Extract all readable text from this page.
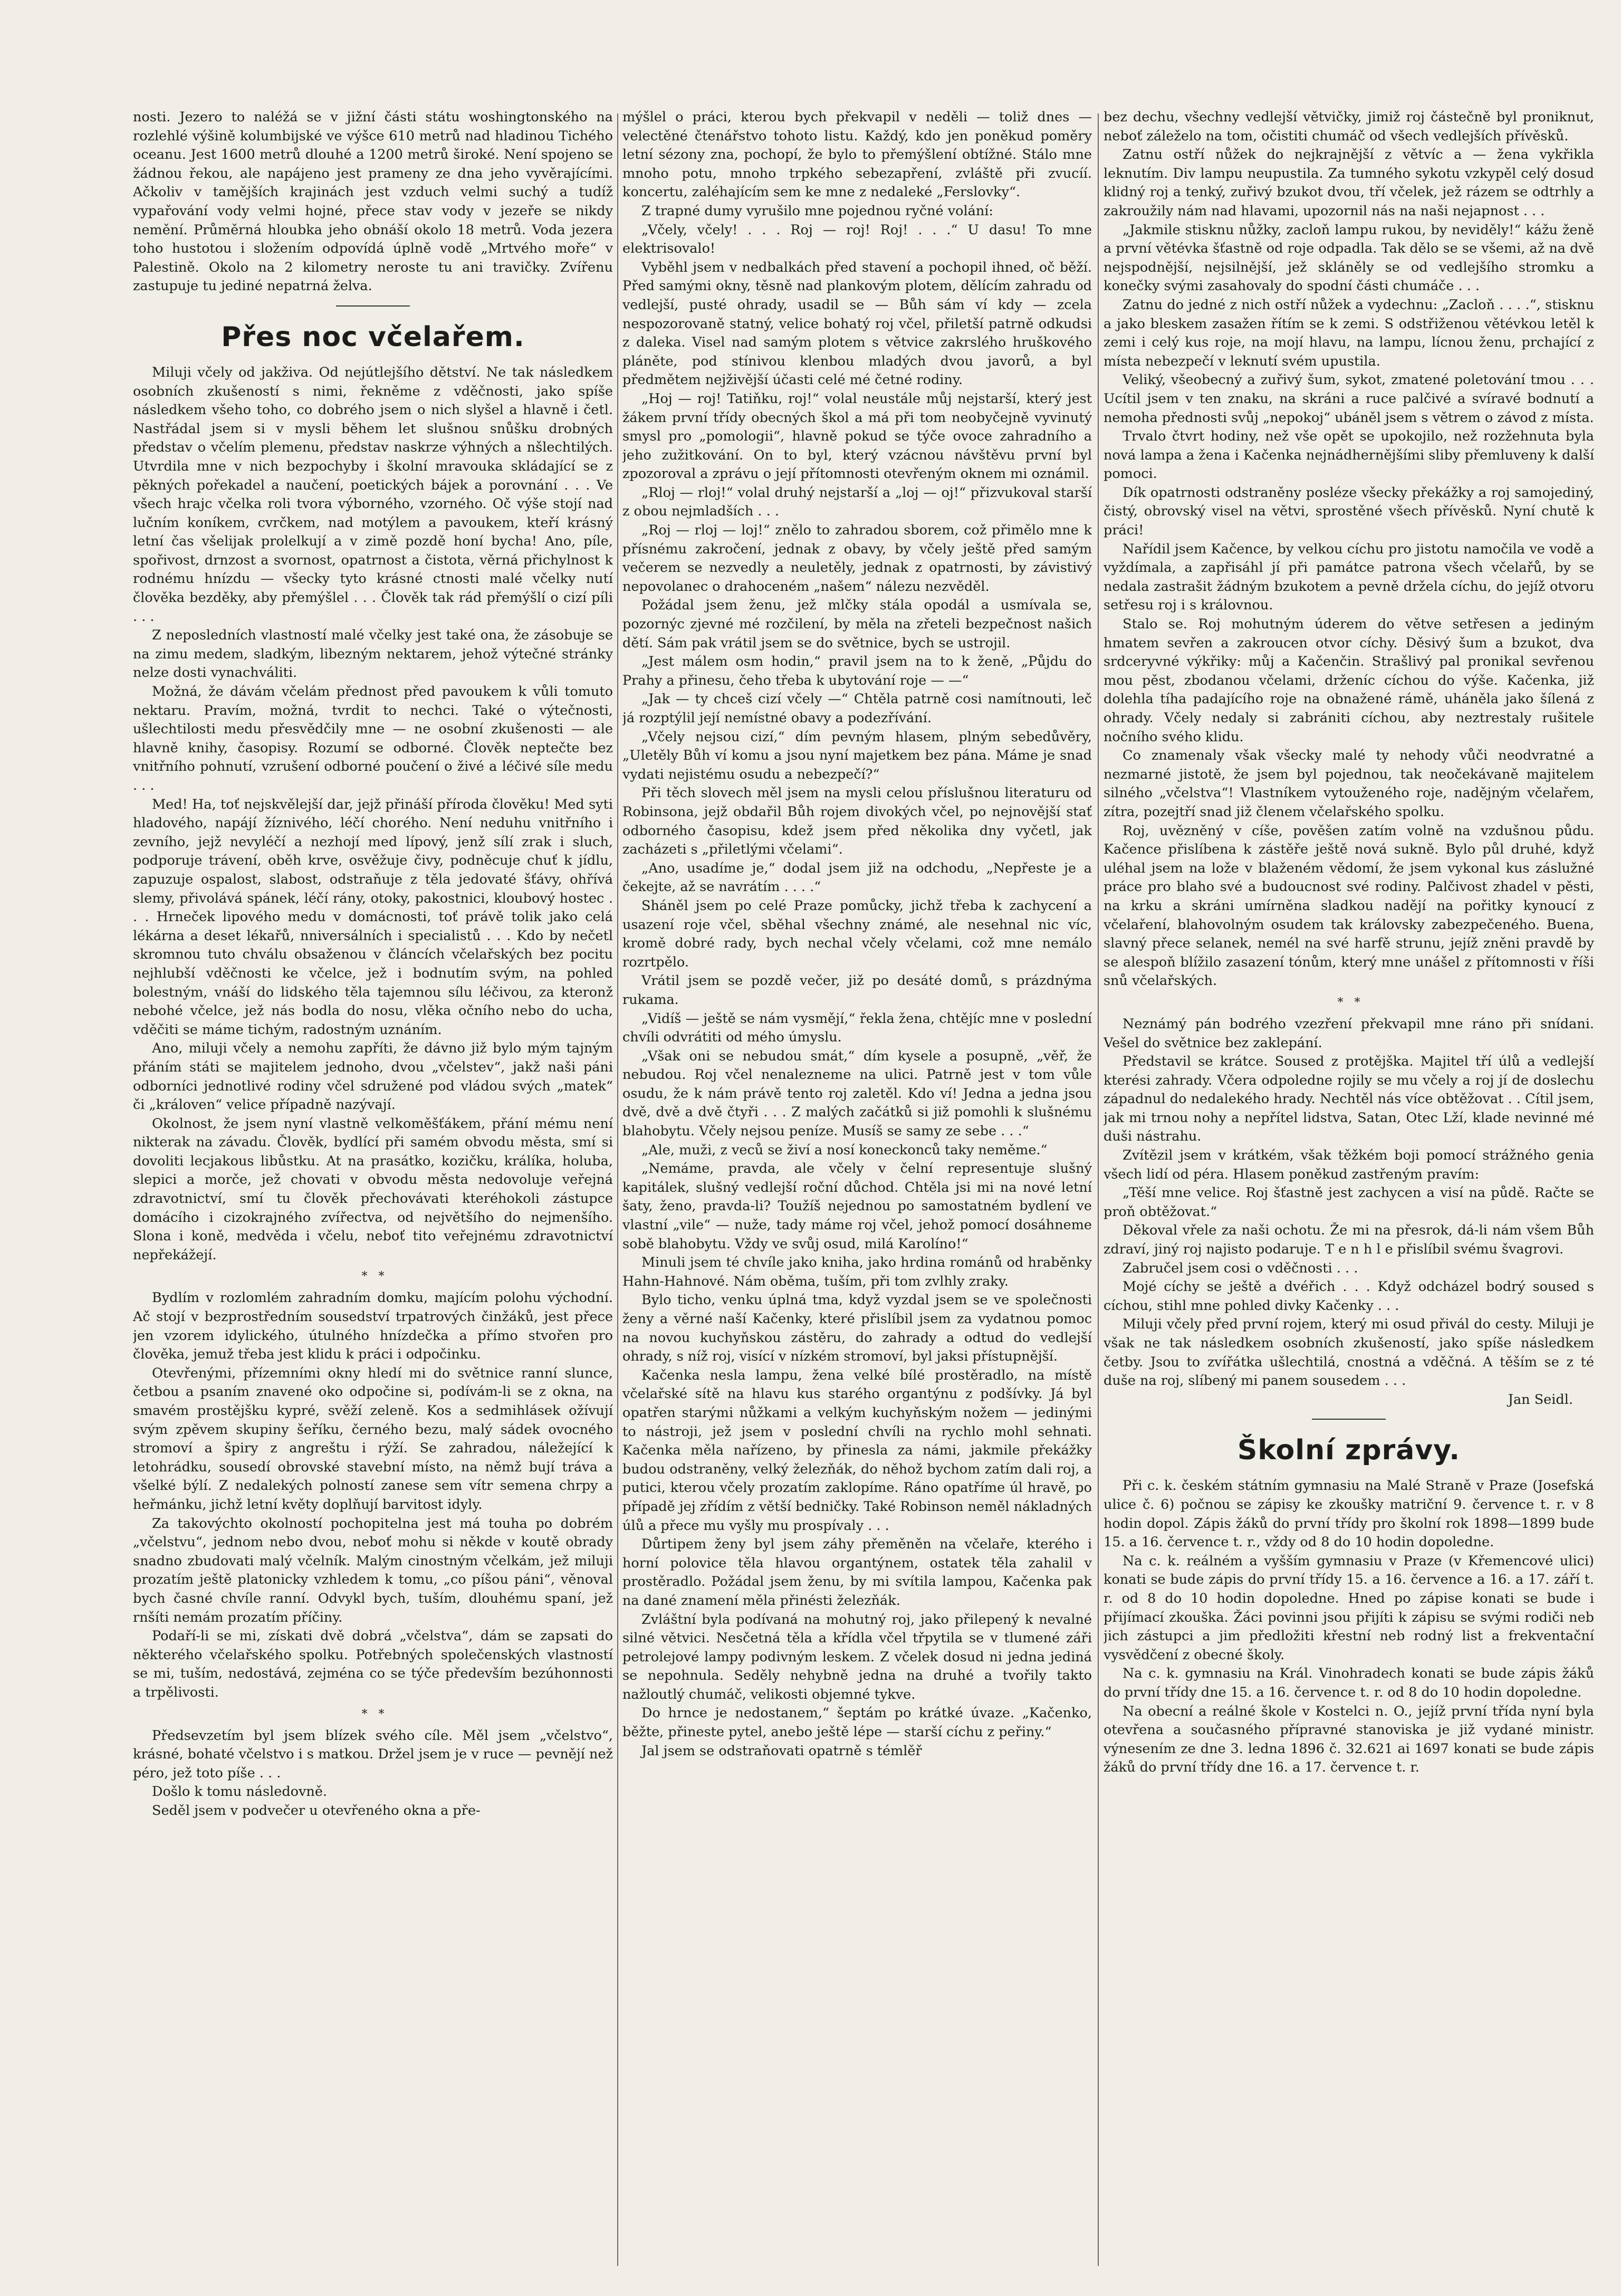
nosti. Jezero to naléžá se v jižní části státu woshingtonského na rozlehlé výšině kolumbijské ve výšce 610 metrů nad hladinou Tichého oceanu. Jest 1600 metrů dlouhé a 1200 metrů široké. Není spojeno se žádnou řekou, ale napájeno jest prameny ze dna jeho vyvěrajícími. Ačkoliv v tamějších krajinách jest vzduch velmi suchý a tudíž vypařování vody velmi hojné, přece stav vody v jezeře se nikdy nemění. Průměrná hloubka jeho obnáší okolo 18 metrů. Voda jezera toho hustotou i složením odpovídá úplně vodě „Mrtvého moře“ v Palestině. Okolo na 2 kilometry neroste tu ani travičky. Zvířenu zastupuje tu jediné nepatrná želva.

Přes noc včelařem.

Miluji včely od jakživa. Od nejútlejšího dětství. Ne tak následkem osobních zkušeností s nimi, řekněme z vděčnosti, jako spíše následkem všeho toho, co dobrého jsem o nich slyšel a hlavně i četl. Nastřádal jsem si v mysli během let slušnou snůšku drobných představ o včelím plemenu, představ naskrze výhných a nšlechtilých. Utvrdila mne v nich bezpochyby i školní mravouka skládající se z pěkných pořekadel a naučení, poetických bájek a porovnání . . . Ve všech hrajc včelka roli tvora výborného, vzorného. Oč výše stojí nad lučním koníkem, cvrčkem, nad motýlem a pavoukem, kteří krásný letní čas všelijak prolelkují a v zimě pozdě honí bycha! Ano, píle, spořivost, drnzost a svornost, opatrnost a čistota, věrná přichylnost k rodnému hnízdu — všecky tyto krásné ctnosti malé včelky nutí člověka bezděky, aby přemýšlel . . . Člověk tak rád přemýšlí o cizí píli . . .

Z neposledních vlastností malé včelky jest také ona, že zásobuje se na zimu medem, sladkým, libezným nektarem, jehož výtečné stránky nelze dosti vynachváliti.

Možná, že dávám včelám přednost před pavoukem k vůli tomuto nektaru. Pravím, možná, tvrdit to nechci. Také o výtečnosti, ušlechtilosti medu přesvědčily mne — ne osobní zkušenosti — ale hlavně knihy, časopisy. Rozumí se odborné. Člověk neptečte bez vnitřního pohnutí, vzrušení odborné poučení o živé a léčivé síle medu . . .

Med! Ha, toť nejskvělejší dar, jejž přináší příroda člověku! Med syti hladového, napájí žíznivého, léčí chorého. Není neduhu vnitřního i zevního, jejž nevyléčí a nezhojí med lípový, jenž sílí zrak i sluch, podporuje trávení, oběh krve, osvěžuje čivy, podněcuje chuť k jídlu, zapuzuje ospalost, slabost, odstraňuje z těla jedovaté šťávy, ohřívá slemy, přivolává spánek, léčí rány, otoky, pakostnici, kloubový hostec . . . Hrneček lipového medu v domácnosti, toť právě tolik jako celá lékárna a deset lékařů, nniversálních i specialistů . . . Kdo by nečetl skromnou tuto chválu obsaženou v článcích včelařských bez pocitu nejhlubší vděčnosti ke včelce, jež i bodnutím svým, na pohled bolestným, vnáší do lidského těla tajemnou sílu léčivou, za kteronž nebohé včelce, jež nás bodla do nosu, vlěka očního nebo do ucha, vděčiti se máme tichým, radostným uznáním.

Ano, miluji včely a nemohu zapříti, že dávno již bylo mým tajným přáním státi se majitelem jednoho, dvou „včelstev“, jakž naši páni odborníci jednotlivé rodiny včel sdružené pod vládou svých „matek“ či „královen“ velice případně nazývají.

Okolnost, že jsem nyní vlastně velkoměšťákem, přání mému není nikterak na závadu. Člověk, bydlící při samém obvodu města, smí si dovoliti lecjakous libůstku. At na prasátko, kozičku, králíka, holuba, slepici a morče, jež chovati v obvodu města nedovoluje veřejná zdravotnictví, smí tu člověk přechovávati kteréhokoli zástupce domácího i cizokrajného zvířectva, od největšího do nejmenšího. Slona i koně, medvěda i včelu, neboť tito veřejnému zdravotnictví nepřekážejí.

*   *

Bydlím v rozlomlém zahradním domku, majícím polohu východní. Ač stojí v bezprostředním sousedství trpatrových činžáků, jest přece jen vzorem idylického, útulného hnízdečka a přímo stvořen pro člověka, jemuž třeba jest klidu k práci i odpočinku.

Otevřenými, přízemními okny hledí mi do světnice ranní slunce, četbou a psaním znavené oko odpočine si, podívám-li se z okna, na smavém prostějšku kypré, svěží zeleně. Kos a sedmihlásek ožívují svým zpěvem skupiny šeříku, černého bezu, malý sádek ovocného stromoví a špiry z angreštu i rýží. Se zahradou, náležející k letohrádku, sousedí obrovské stavební místo, na němž bují tráva a všelké býlí. Z nedalekých polností zanese sem vítr semena chrpy a heřmánku, jichž letní květy doplňují barvitost idyly.

Za takovýchto okolností pochopitelna jest má touha po dobrém „včelstvu“, jednom nebo dvou, neboť mohu si někde v koutě obrady snadno zbudovati malý včelník. Malým cinostným včelkám, jež miluji prozatím ještě platonicky vzhledem k tomu, „co píšou páni“, věnoval bych časné chvíle ranní. Odvykl bych, tuším, dlouhému spaní, jež rnšíti nemám prozatím příčiny.

Podaří-li se mi, získati dvě dobrá „včelstva“, dám se zapsati do některého včelařského spolku. Potřebných společenských vlastností se mi, tuším, nedostává, zejména co se týče především bezúhonnosti a trpělivosti.

*   *

Předsevzetím byl jsem blízek svého cíle. Měl jsem „včelstvo“, krásné, bohaté včelstvo i s matkou. Držel jsem je v ruce — pevnějí než péro, jež toto píše . . .

Došlo k tomu následovně.

Seděl jsem v podvečer u otevřeného okna a pře-

mýšlel o práci, kterou bych překvapil v neděli — toliž dnes — velectěné čtenářstvo tohoto listu. Každý, kdo jen poněkud poměry letní sézony zna, pochopí, že bylo to přemýšlení obtížné. Stálo mne mnoho potu, mnoho trpkého sebezapření, zvláště při zvucíí. koncertu, zaléhajícím sem ke mne z nedaleké „Ferslovky“.

Z trapné dumy vyrušilo mne pojednou ryčné volání:

„Včely, včely! . . . Roj — roj! Roj! . . .“ U dasu! To mne elektrisovalo!

Vyběhl jsem v nedbalkách před stavení a pochopil ihned, oč běží. Před samými okny, těsně nad plankovým plotem, dělícím zahradu od vedlejší, pusté ohrady, usadil se — Bůh sám ví kdy — zcela nespozorovaně statný, velice bohatý roj včel, přiletší patrně odkudsi z daleka. Visel nad samým plotem s větvice zakrslého hruškového pláněte, pod stínivou klenbou mladých dvou javorů, a byl předmětem nejživější účasti celé mé četné rodiny.

„Hoj — roj! Tatiňku, roj!“ volal neustále můj nejstarší, který jest žákem první třídy obecných škol a má při tom neobyčejně vyvinutý smysl pro „pomologii“, hlavně pokud se týče ovoce zahradního a jeho zužitkování. On to byl, který vzácnou návštěvu první byl zpozoroval a zprávu o její přítomnosti otevřeným oknem mi oznámil.

„Rloj — rloj!“ volal druhý nejstarší a „loj — oj!“ přizvukoval starší z obou nejmladších . . .

„Roj — rloj — loj!“ znělo to zahradou sborem, což přimělo mne k přísnému zakročení, jednak z obavy, by včely ještě před samým večerem se nezvedly a neuletěly, jednak z opatrnosti, by závistivý nepovolanec o drahoceném „našem“ nálezu nezvěděl.

Požádal jsem ženu, jež mlčky stála opodál a usmívala se, pozornýc zjevné mé rozčilení, by měla na zřeteli bezpečnost našich dětí. Sám pak vrátil jsem se do světnice, bych se ustrojil.

„Jest málem osm hodin,“ pravil jsem na to k ženě, „Půjdu do Prahy a přinesu, čeho třeba k ubytování roje — —“

„Jak — ty chceš cizí včely —“ Chtěla patrně cosi namítnouti, leč já rozptýlil její nemístné obavy a podezřívání.

„Včely nejsou cizí,“ dím pevným hlasem, plným sebedůvěry, „Uletěly Bůh ví komu a jsou nyní majetkem bez pána. Máme je snad vydati nejistému osudu a nebezpečí?“

Při těch slovech měl jsem na mysli celou příslušnou literaturu od Robinsona, jejž obdařil Bůh rojem divokých včel, po nejnovější stať odborného časopisu, kdež jsem před několika dny vyčetl, jak zacházeti s „přiletlými včelami“.

„Ano, usadíme je,“ dodal jsem již na odchodu, „Nepřeste je a čekejte, až se navrátím . . . .“

Sháněl jsem po celé Praze pomůcky, jichž třeba k zachycení a usazení roje včel, sběhal všechny známé, ale nesehnal nic víc, kromě dobré rady, bych nechal včely včelami, což mne nemálo rozrtpělo.

Vrátil jsem se pozdě večer, již po desáté domů, s prázdnýma rukama.

„Vidíš — ještě se nám vysmějí,“ řekla žena, chtějíc mne v poslední chvíli odvrátiti od mého úmyslu.

„Však oni se nebudou smát,“ dím kysele a posupně, „věř, že nebudou. Roj včel nenalezneme na ulici. Patrně jest v tom vůle osudu, že k nám právě tento roj zaletěl. Kdo ví! Jedna a jedna jsou dvě, dvě a dvě čtyři . . . Z malých začátků si již pomohli k slušnému blahobytu. Včely nejsou peníze. Musíš se samy ze sebe . . .“

„Ale, muži, z veců se živí a nosí koneckonců taky neměme.“

„Nemáme, pravda, ale včely v čelní representuje slušný kapitálek, slušný vedlejší roční důchod. Chtěla jsi mi na nové letní šaty, ženo, pravda-li? Toužíš nejednou po samostatném bydlení ve vlastní „vile“ — nuže, tady máme roj včel, jehož pomocí dosáhneme sobě blahobytu. Vždy ve svůj osud, milá Karolíno!“

Minuli jsem té chvíle jako kniha, jako hrdina románů od hraběnky Hahn-Hahnové. Nám oběma, tuším, při tom zvlhly zraky.

Bylo ticho, venku úplná tma, když vyzdal jsem se ve společnosti ženy a věrné naší Kačenky, které přislíbil jsem za vydatnou pomoc na novou kuchyňskou zástěru, do zahrady a odtud do vedlejší ohrady, s níž roj, visící v nízkém stromoví, byl jaksi přístupnější.

Kačenka nesla lampu, žena velké bílé prostěradlo, na místě včelařské sítě na hlavu kus starého organtýnu z podšívky. Já byl opatřen starými nůžkami a velkým kuchyňským nožem — jedinými to nástroji, jež jsem v poslední chvíli na rychlo mohl sehnati. Kačenka měla nařízeno, by přinesla za námi, jakmile překážky budou odstraněny, velký železňák, do něhož bychom zatím dali roj, a putici, kterou včely prozatím zaklopíme. Ráno opatříme úl hravě, po případě jej zřídím z větší bedničky. Také Robinson neměl nákladných úlů a přece mu vyšly mu prospívaly . . .

Důrtipem ženy byl jsem záhy přeměněn na včelaře, kterého i horní polovice těla hlavou organtýnem, ostatek těla zahalil v prostěradlo. Požádal jsem ženu, by mi svítila lampou, Kačenka pak na dané znamení měla přinésti železňák.

Zvláštní byla podívaná na mohutný roj, jako přilepený k nevalné silné větvici. Nesčetná těla a křídla včel třpytila se v tlumené záři petrolejové lampy podivným leskem. Z včelek dosud ni jedna jediná se nepohnula. Seděly nehybně jedna na druhé a tvořily takto nažloutlý chumáč, velikosti objemné tykve.

Do hrnce je nedostanem,“ šeptám po krátké úvaze. „Kačenko, běžte, přineste pytel, anebo ještě lépe — starší cíchu z peřiny.“

Jal jsem se odstraňovati opatrně s témlěř

bez dechu, všechny vedlejší větvičky, jimiž roj částečně byl proniknut, neboť záleželo na tom, očistiti chumáč od všech vedlejších přívěsků.

Zatnu ostří nůžek do nejkrajnější z větvíc a — žena vykřikla leknutím. Div lampu neupustila. Za tumného sykotu vzkypěl celý dosud klidný roj a tenký, zuřivý bzukot dvou, tří včelek, jež rázem se odtrhly a zakroužily nám nad hlavami, upozornil nás na naši nejapnost . . .

„Jakmile stisknu nůžky, zacloň lampu rukou, by neviděly!“ kážu ženě a první větévka šťastně od roje odpadla. Tak dělo se se všemi, až na dvě nejspodnější, nejsilnější, jež skláněly se od vedlejšího stromku a konečky svými zasahovaly do spodní části chumáče . . .

Zatnu do jedné z nich ostří nůžek a vydechnu: „Zacloň . . . .“, stisknu a jako bleskem zasažen řítím se k zemi. S odstřiženou větévkou letěl k zemi i celý kus roje, na mojí hlavu, na lampu, lícnou ženu, prchající z místa nebezpečí v leknutí svém upustila.

Veliký, všeobecný a zuřivý šum, sykot, zmatené poletování tmou . . . Ucítil jsem v ten znaku, na skráni a ruce palčivé a svíravé bodnutí a nemoha přednosti svůj „nepokoj“ ubáněl jsem s větrem o závod z místa.

Trvalo čtvrt hodiny, než vše opět se upokojilo, než rozžehnuta byla nová lampa a žena i Kačenka nejnádhernějšími sliby přemluveny k další pomoci.

Dík opatrnosti odstraněny posléze všecky překážky a roj samojediný, čistý, obrovský visel na větvi, sprostěné všech přívěsků. Nyní chutě k práci!

Nařídil jsem Kačence, by velkou cíchu pro jistotu namočila ve vodě a vyždímala, a zapřisáhl jí při památce patrona všech včelařů, by se nedala zastrašit žádným bzukotem a pevně držela cíchu, do jejíž otvoru setřesu roj i s královnou.

Stalo se. Roj mohutným úderem do větve setřesen a jediným hmatem sevřen a zakroucen otvor cíchy. Děsivý šum a bzukot, dva srdceryvné výkřiky: můj a Kačenčin. Strašlivý pal pronikal sevřenou mou pěst, zbodanou včelami, drženíc cíchou do výše. Kačenka, již dolehla tíha padajícího roje na obnažené rámě, uháněla jako šílená z ohrady. Včely nedaly si zabrániti cíchou, aby neztrestaly rušitele nočního svého klidu.

Co znamenaly však všecky malé ty nehody vůči neodvratné a nezmarné jistotě, že jsem byl pojednou, tak neočekávaně majitelem silného „včelstva“! Vlastníkem vytouženého roje, nadějným včelařem, zítra, pozejtří snad již členem včelařského spolku.

Roj, uvězněný v cíše, pověšen zatím volně na vzdušnou půdu. Kačence přislíbena k zástěře ještě nová sukně. Bylo půl druhé, když uléhal jsem na lože v blaženém vědomí, že jsem vykonal kus záslužné práce pro blaho své a budoucnost své rodiny. Palčivost zhadel v pěsti, na krku a skráni umírněna sladkou nadějí na pořitky kynoucí z včelaření, blahovolným osudem tak královsky zabezpečeného. Buena, slavný přece selanek, nemél na své harfě strunu, jejíž zněni pravdě by se alespoň blížilo zasazení tónům, který mne unášel z přítomnosti v říši snů včelařských.

*   *

Neznámý pán bodrého vzezření překvapil mne ráno při snídani. Vešel do světnice bez zaklepání.

Představil se krátce. Soused z protějška. Majitel tří úlů a vedlejší kterési zahrady. Včera odpoledne rojily se mu včely a roj jí de doslechu západnul do nedalekého hrady. Nechtěl nás více obtěžovat . . Cítil jsem, jak mi trnou nohy a nepřítel lidstva, Satan, Otec Lží, klade nevinné mé duši nástrahu.

Zvítězil jsem v krátkém, však těžkém boji pomocí strážného genia všech lidí od péra. Hlasem poněkud zastřeným pravím:

„Těší mne velice. Roj šťastně jest zachycen a visí na půdě. Račte se proň obtěžovat.“

Děkoval vřele za naši ochotu. Že mi na přesrok, dá-li nám všem Bůh zdraví, jiný roj najisto podaruje. T e n h l e přislíbil svému švagrovi.

Zabručel jsem cosi o vděčnosti . . .

Mojé cíchy se ještě a dvéřich . . . Když odcházel bodrý soused s cíchou, stihl mne pohled divky Kačenky . . .

Miluji včely před první rojem, který mi osud přivál do cesty. Miluji je však ne tak následkem osobních zkušeností, jako spíše následkem četby. Jsou to zvířátka ušlechtilá, cnostná a vděčná. A těším se z té duše na roj, slíbený mi panem sousedem . . .

Jan Seidl.

Školní zprávy.

Při c. k. českém státním gymnasiu na Malé Straně v Praze (Josefská ulice č. 6) počnou se zápisy ke zkoušky matriční 9. července t. r. v 8 hodin dopol. Zápis žáků do první třídy pro školní rok 1898—1899 bude 15. a 16. července t. r., vždy od 8 do 10 hodin dopoledne.

Na c. k. reálném a vyšším gymnasiu v Praze (v Křemencové ulici) konati se bude zápis do první třídy 15. a 16. července a 16. a 17. září t. r. od 8 do 10 hodin dopoledne. Hned po zápise konati se bude i přijímací zkouška. Žáci povinni jsou přijíti k zápisu se svými rodiči neb jich zástupci a jim předložiti křestní neb rodný list a frekventační vysvědčení z obecné školy.

Na c. k. gymnasiu na Král. Vinohradech konati se bude zápis žáků do první třídy dne 15. a 16. července t. r. od 8 do 10 hodin dopoledne.

Na obecní a reálné škole v Kostelci n. O., jejíž první třída nyní byla otevřena a současného přípravné stanoviska je již vydané ministr. výnesením ze dne 3. ledna 1896 č. 32.621 ai 1697 konati se bude zápis žáků do první třídy dne 16. a 17. července t. r.
